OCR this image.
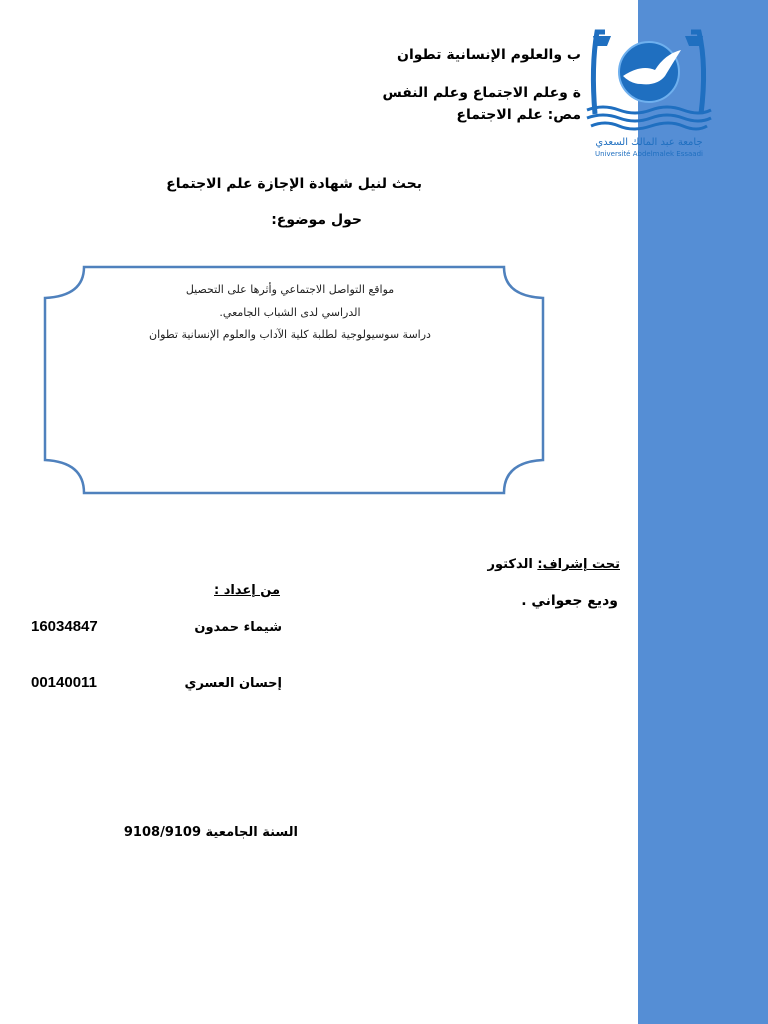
ب والعلوم الإنسانية تطوان
ة وعلم الاجتماع وعلم النفس
مص: علم الاجتماع
جامعة عبد المالك السعدي
Université Abdelmalek Essaadi
بحث لنيل شهادة الإجازة علم الاجتماع
حول موضوع:
مواقع التواصل الاجتماعي وأثرها على التحصيل
الدراسي لدى الشباب الجامعي.
دراسة سوسيولوجية لطلبة كلية الآداب والعلوم الإنسانية تطوان
تحت إشراف: الدكتور
وديع جعواني .
من إعداد :
شيماء حمدون
16034847
إحسان العسري
00140011
السنة الجامعية 9108/9109
